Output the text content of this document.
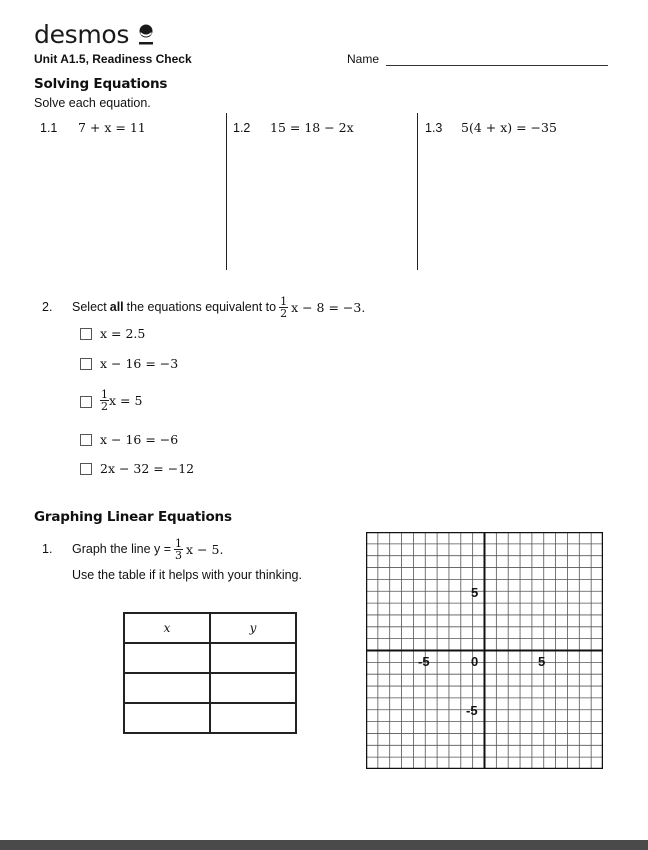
desmos
Unit A1.5, Readiness Check	Name
Solving Equations
Solve each equation.
1.1 7 + x = 11	1.2 15 = 18 − 2x	1.3 5(4 + x) = −35
2. Select all the equations equivalent to $\frac{1}{2}$ x − 8 = −3.
x = 2.5
x − 16 = −3
$\frac{1}{2}$ x = 5
x − 16 = −6
2x − 32 = −12
Graphing Linear Equations
1. Graph the line $y = \frac{1}{3}$ x − 5.
Use the table if it helps with your thinking.
x	y

-5	0	5
5
-5
